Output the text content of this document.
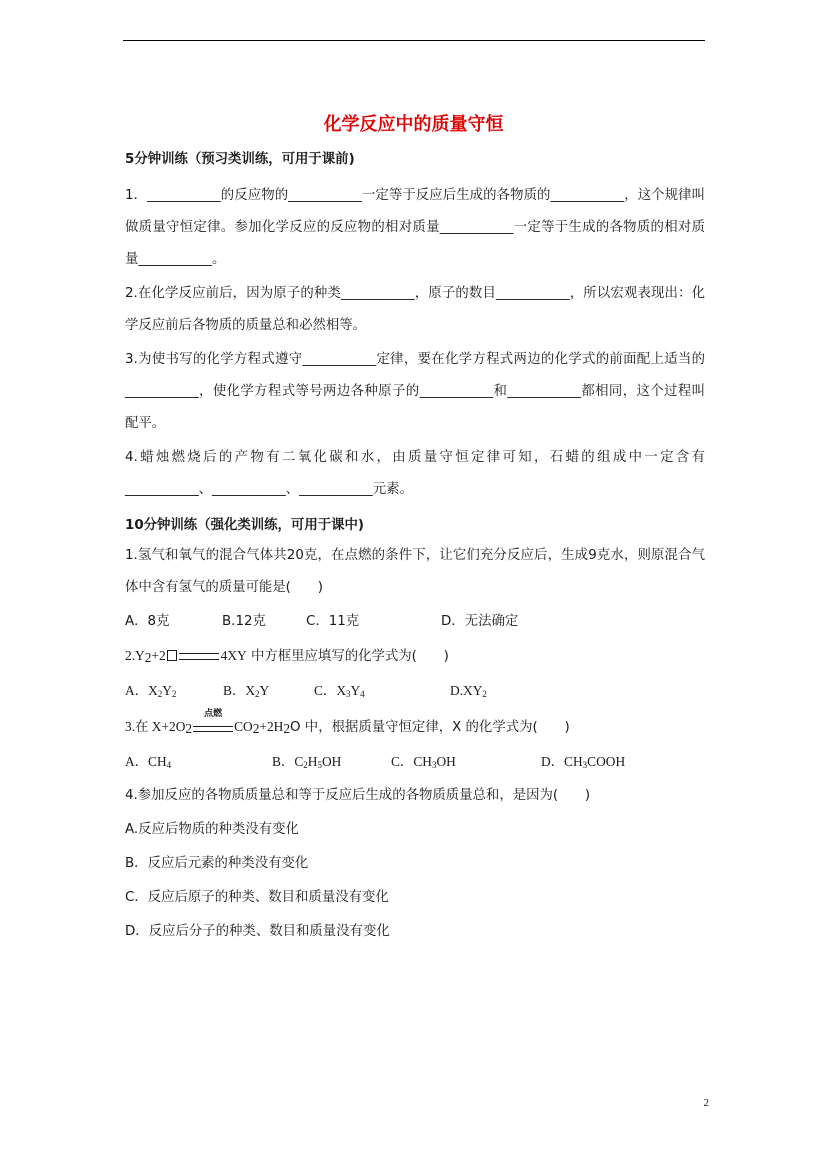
化学反应中的质量守恒
5分钟训练（预习类训练，可用于课前)
1．___________的反应物的___________一定等于反应后生成的各物质的___________，这个规律叫做质量守恒定律。参加化学反应的反应物的相对质量___________一定等于生成的各物质的相对质量___________。
2.在化学反应前后，因为原子的种类___________，原子的数目___________，所以宏观表现出：化学反应前后各物质的质量总和必然相等。
3.为使书写的化学方程式遵守___________定律，要在化学方程式两边的化学式的前面配上适当的___________，使化学方程式等号两边各种原子的___________和___________都相同，这个过程叫配平。
4.蜡烛燃烧后的产物有二氧化碳和水，由质量守恒定律可知，石蜡的组成中一定含有___________、___________、___________元素。
10分钟训练（强化类训练，可用于课中)
1.氢气和氧气的混合气体共20克，在点燃的条件下，让它们充分反应后，生成9克水，则原混合气体中含有氢气的质量可能是(　　)
A．8克	B.12克	C．11克	D．无法确定
$2.Y_2+2$	4XY 中方框里应填写的化学式为(　　)
A．$X_2Y_2$	B．$X_2Y$	C．$X_3Y_4$	$D.XY_2$
3.在 $X+2O_2$
点燃
$CO_2+2H_2O$ 中，根据质量守恒定律，X 的化学式为(　　)
A．$CH_4$	B．$C_2H_5OH$	C．$CH_3OH$	D．$CH_3COOH$
4.参加反应的各物质质量总和等于反应后生成的各物质质量总和，是因为(　　)
A.反应后物质的种类没有变化
B．反应后元素的种类没有变化
C．反应后原子的种类、数目和质量没有变化
D．反应后分子的种类、数目和质量没有变化
2
